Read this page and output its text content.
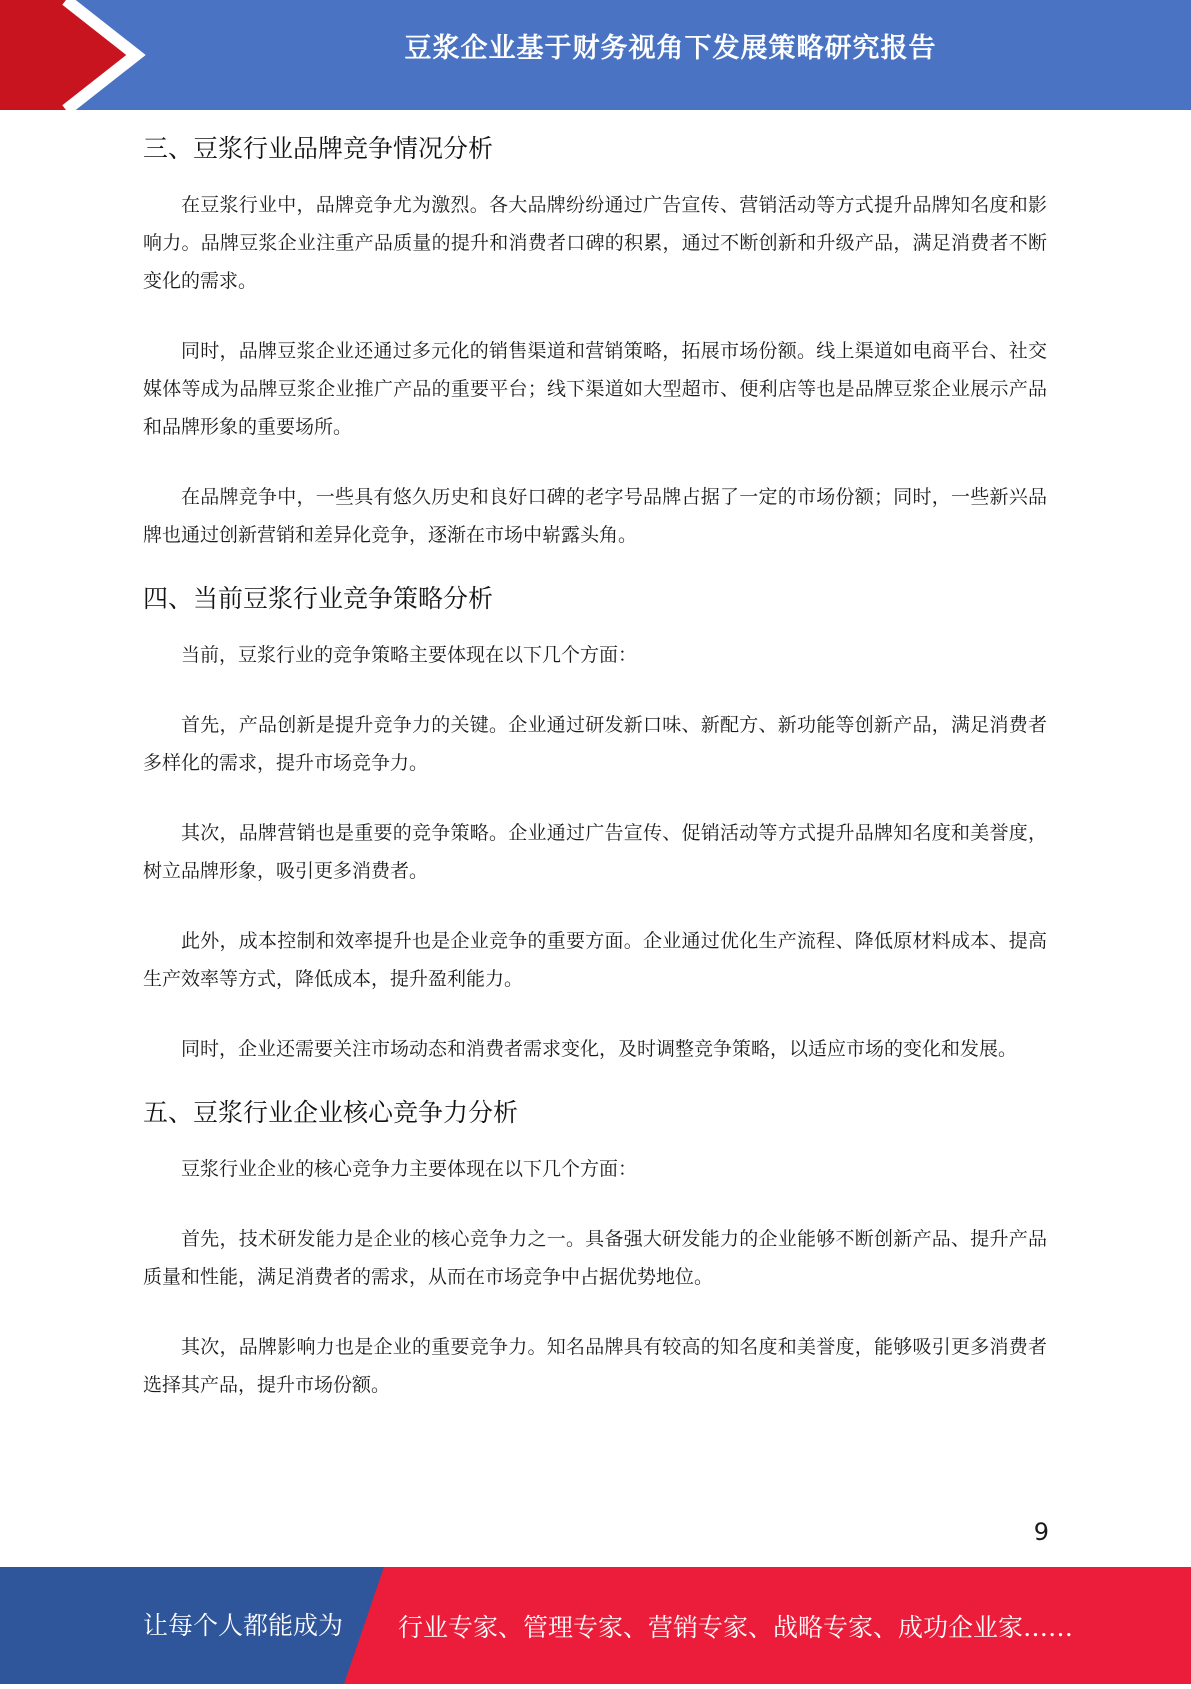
豆浆企业基于财务视角下发展策略研究报告
三、豆浆行业品牌竞争情况分析

在豆浆行业中，品牌竞争尤为激烈。各大品牌纷纷通过广告宣传、营销活动等方式提升品牌知名度和影响力。品牌豆浆企业注重产品质量的提升和消费者口碑的积累，通过不断创新和升级产品，满足消费者不断变化的需求。

同时，品牌豆浆企业还通过多元化的销售渠道和营销策略，拓展市场份额。线上渠道如电商平台、社交媒体等成为品牌豆浆企业推广产品的重要平台；线下渠道如大型超市、便利店等也是品牌豆浆企业展示产品和品牌形象的重要场所。

在品牌竞争中，一些具有悠久历史和良好口碑的老字号品牌占据了一定的市场份额；同时，一些新兴品牌也通过创新营销和差异化竞争，逐渐在市场中崭露头角。

四、当前豆浆行业竞争策略分析

当前，豆浆行业的竞争策略主要体现在以下几个方面：

首先，产品创新是提升竞争力的关键。企业通过研发新口味、新配方、新功能等创新产品，满足消费者多样化的需求，提升市场竞争力。

其次，品牌营销也是重要的竞争策略。企业通过广告宣传、促销活动等方式提升品牌知名度和美誉度，树立品牌形象，吸引更多消费者。

此外，成本控制和效率提升也是企业竞争的重要方面。企业通过优化生产流程、降低原材料成本、提高生产效率等方式，降低成本，提升盈利能力。

同时，企业还需要关注市场动态和消费者需求变化，及时调整竞争策略，以适应市场的变化和发展。

五、豆浆行业企业核心竞争力分析

豆浆行业企业的核心竞争力主要体现在以下几个方面：

首先，技术研发能力是企业的核心竞争力之一。具备强大研发能力的企业能够不断创新产品、提升产品质量和性能，满足消费者的需求，从而在市场竞争中占据优势地位。

其次，品牌影响力也是企业的重要竞争力。知名品牌具有较高的知名度和美誉度，能够吸引更多消费者选择其产品，提升市场份额。

9
让每个人都能成为 行业专家、管理专家、营销专家、战略专家、成功企业家……
